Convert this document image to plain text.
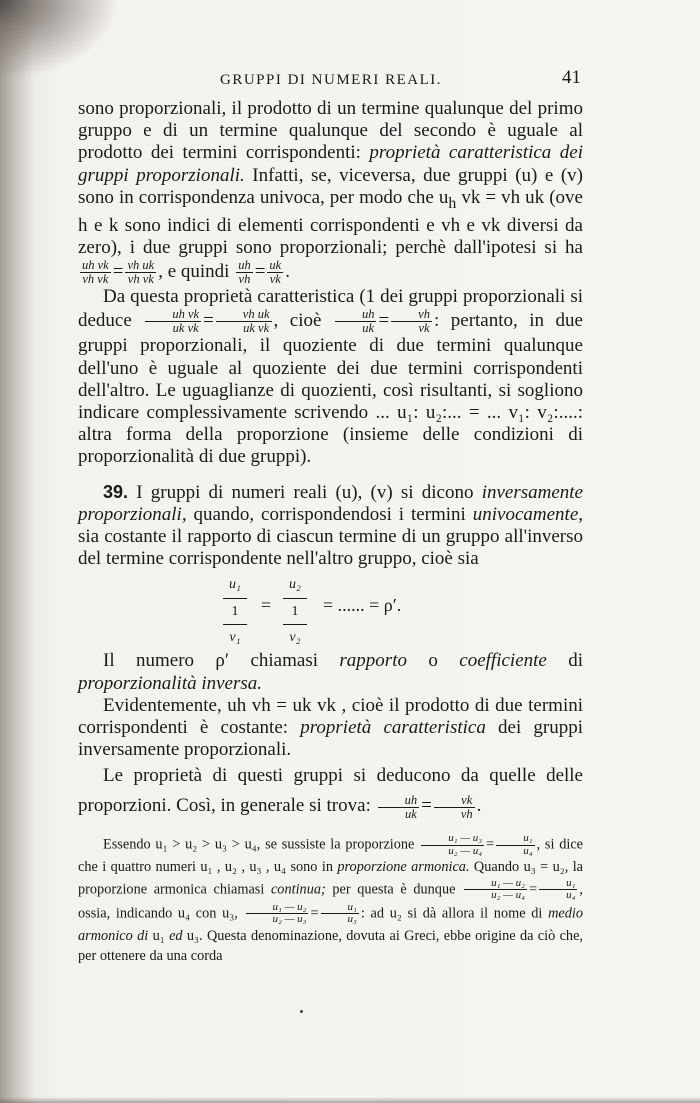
GRUPPI DI NUMERI REALI.	41

sono proporzionali, il prodotto di un termine qualunque del primo gruppo e di un termine qualunque del secondo è uguale al prodotto dei termini corrispondenti: proprietà caratteristica dei gruppi proporzionali. Infatti, se, viceversa, due gruppi (u) e (v) sono in corrispondenza univoca, per modo che $u_h$ vk = vh uk (ove h e k sono indici di elementi corrispondenti e vh e vk diversi da zero), i due gruppi sono proporzionali; perchè dall'ipotesi si ha
$\frac{\text{uh vk}}{\text{vh vk}} = \frac{\text{vh uk}}{\text{vh vk}}$ , e quindi $\frac{uh}{vh} = \frac{uk}{vk}$ .

Da questa proprietà caratteristica (1 dei gruppi proporzionali si deduce $\frac{\text{uh vk}}{\text{uk vk}} = \frac{\text{vh uk}}{\text{uk vk}}$ , cioè $\frac{uh}{uk} = \frac{vh}{vk}$ : pertanto, in due gruppi proporzionali, il quoziente di due termini qualunque dell'uno è uguale al quoziente dei due termini corrispondenti dell'altro. Le uguaglianze di quozienti, così risultanti, si sogliono indicare complessivamente scrivendo ... u₁: u₂:... = ... v₁: v₂:....: altra forma della proporzione (insieme delle condizioni di proporzionalità di due gruppi).

39. I gruppi di numeri reali (u), (v) si dicono inversamente proporzionali, quando, corrispondendosi i termini univocamente, sia costante il rapporto di ciascun termine di un gruppo all'inverso del termine corrispondente nell'altro gruppo, cioè sia

u₁
1
v₁
=
u₂
1
v₂
= ...... = ρ′.

Il numero ρ′ chiamasi rapporto o coefficiente di proporzionalità inversa.

Evidentemente, uh vh = uk vk , cioè il prodotto di due termini corrispondenti è costante: proprietà caratteristica dei gruppi inversamente proporzionali.

Le proprietà di questi gruppi si deducono da quelle delle proporzioni. Così, in generale si trova: $\frac{uh}{uk} = \frac{vk}{vh}$ .

Essendo u₁ > u₂ > u₃ > u₄, se sussiste la proporzione $\frac{\text{u₁ — u₃}}{\text{u₂ — u₄}} = \frac{\text{u₁}}{\text{u₄}}$ , si dice che i quattro numeri u₁ , u₂ , u₃ , u₄ sono in proporzione armonica. Quando u₃ = u₂, la proporzione armonica chiamasi continua; per questa è dunque $\frac{\text{u₁ — u₂}}{\text{u₂ — u₄}} = \frac{\text{u₁}}{\text{u₄}}$ , ossia, indicando u₄ con u₃, $\frac{\text{u₁ — u₂}}{\text{u₂ — u₃}} = \frac{\text{u₁}}{\text{u₃}}$ : ad u₂ si dà allora il nome di medio armonico di u₁ ed u₃. Questa denominazione, dovuta ai Greci, ebbe origine da ciò che, per ottenere da una corda
